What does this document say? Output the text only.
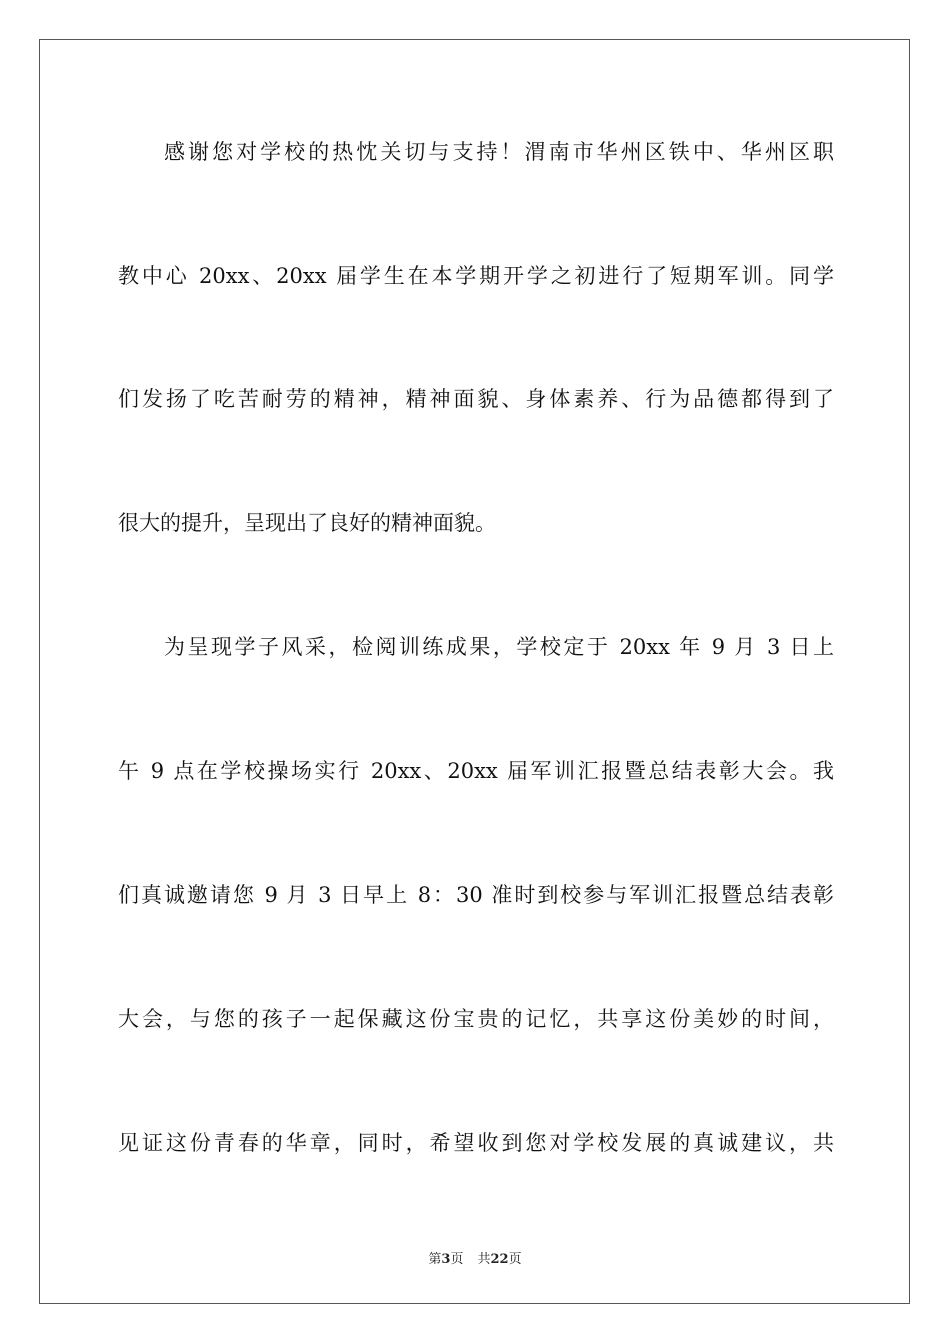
感谢您对学校的热忱关切与支持！渭南市华州区铁中、华州区职
教中心 20xx、20xx 届学生在本学期开学之初进行了短期军训。同学
们发扬了吃苦耐劳的精神，精神面貌、身体素养、行为品德都得到了
很大的提升，呈现出了良好的精神面貌。
为呈现学子风采，检阅训练成果，学校定于 20xx 年 9 月 3 日上
午 9 点在学校操场实行 20xx、20xx 届军训汇报暨总结表彰大会。我
们真诚邀请您 9 月 3 日早上 8：30 准时到校参与军训汇报暨总结表彰
大会，与您的孩子一起保藏这份宝贵的记忆，共享这份美妙的时间，
见证这份青春的华章，同时，希望收到您对学校发展的真诚建议，共
第3页 共22页
